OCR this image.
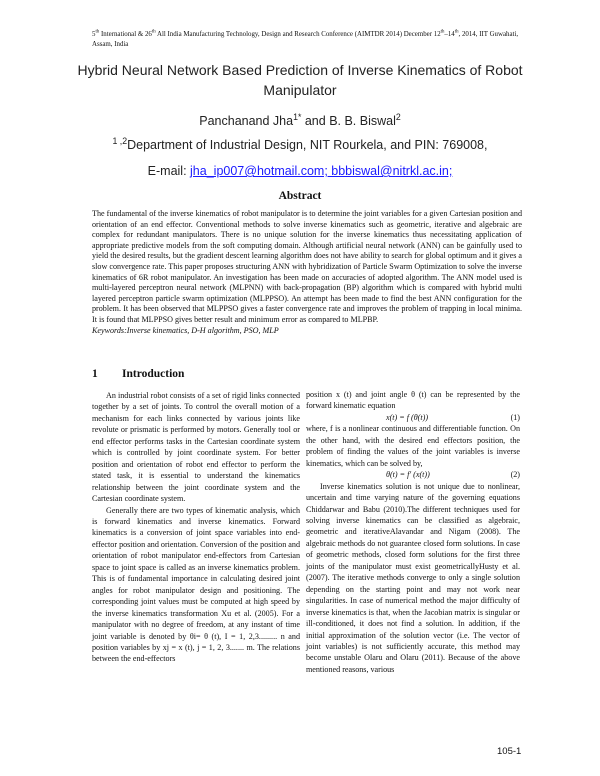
5th International & 26th All India Manufacturing Technology, Design and Research Conference (AIMTDR 2014) December 12th–14th, 2014, IIT Guwahati, Assam, India
Hybrid Neural Network Based Prediction of Inverse Kinematics of Robot Manipulator
Panchanand Jha$^{1*}$ and B. B. Biswal$^2$
$^{1 ,2}$Department of Industrial Design, NIT Rourkela, and PIN: 769008,
E-mail: jha_ip007@hotmail.com; bbbiswal@nitrkl.ac.in;
Abstract
The fundamental of the inverse kinematics of robot manipulator is to determine the joint variables for a given Cartesian position and orientation of an end effector. Conventional methods to solve inverse kinematics such as geometric, iterative and algebraic are complex for redundant manipulators. There is no unique solution for the inverse kinematics thus necessitating application of appropriate predictive models from the soft computing domain. Although artificial neural network (ANN) can be gainfully used to yield the desired results, but the gradient descent learning algorithm does not have ability to search for global optimum and it gives a slow convergence rate. This paper proposes structuring ANN with hybridization of Particle Swarm Optimization to solve the inverse kinematics of 6R robot manipulator. An investigation has been made on accuracies of adopted algorithm. The ANN model used is multi-layered perceptron neural network (MLPNN) with back-propagation (BP) algorithm which is compared with hybrid multi layered perceptron particle swarm optimization (MLPPSO). An attempt has been made to find the best ANN configuration for the problem. It has been observed that MLPPSO gives a faster convergence rate and improves the problem of trapping in local minima. It is found that MLPPSO gives better result and minimum error as compared to MLPBP.
Keywords:Inverse kinematics, D-H algorithm, PSO, MLP
1 Introduction

An industrial robot consists of a set of rigid links connected together by a set of joints. To control the overall motion of a mechanism for each links connected by various joints like revolute or prismatic is performed by motors. Generally tool or end effector performs tasks in the Cartesian coordinate system which is controlled by joint coordinate system. For better position and orientation of robot end effector to perform the stated task, it is essential to understand the kinematics relationship between the joint coordinate system and the Cartesian coordinate system.

Generally there are two types of kinematic analysis, which is forward kinematics and inverse kinematics. Forward kinematics is a conversion of joint space variables into end-effector position and orientation. Conversion of the position and orientation of robot manipulator end-effectors from Cartesian space to joint space is called as an inverse kinematics problem. This is of fundamental importance in calculating desired joint angles for robot manipulator design and positioning. The corresponding joint values must be computed at high speed by the inverse kinematics transformation Xu et al. (2005). For a manipulator with no degree of freedom, at any instant of time joint variable is denoted by θi= θ (t), I = 1, 2,3......... n and position variables by xj = x (t), j = 1, 2, 3....... m. The relations between the end-effectors

position x (t) and joint angle θ (t) can be represented by the forward kinematic equation

x(t) = f (θ(t))	(1)

where, f is a nonlinear continuous and differentiable function. On the other hand, with the desired end effectors position, the problem of finding the values of the joint variables is inverse kinematics, which can be solved by,

θ(t) = f′ (x(t))	(2)

Inverse kinematics solution is not unique due to nonlinear, uncertain and time varying nature of the governing equations Chiddarwar and Babu (2010).The different techniques used for solving inverse kinematics can be classified as algebraic, geometric and iterativeAlavandar and Nigam (2008). The algebraic methods do not guarantee closed form solutions. In case of geometric methods, closed form solutions for the first three joints of the manipulator must exist geometricallyHusty et al. (2007). The iterative methods converge to only a single solution depending on the starting point and may not work near singularities. In case of numerical method the major difficulty of inverse kinematics is that, when the Jacobian matrix is singular or ill-conditioned, it does not find a solution. In addition, if the initial approximation of the solution vector (i.e. The vector of joint variables) is not sufficiently accurate, this method may become unstable Olaru and Olaru (2011). Because of the above mentioned reasons, various

105-1
